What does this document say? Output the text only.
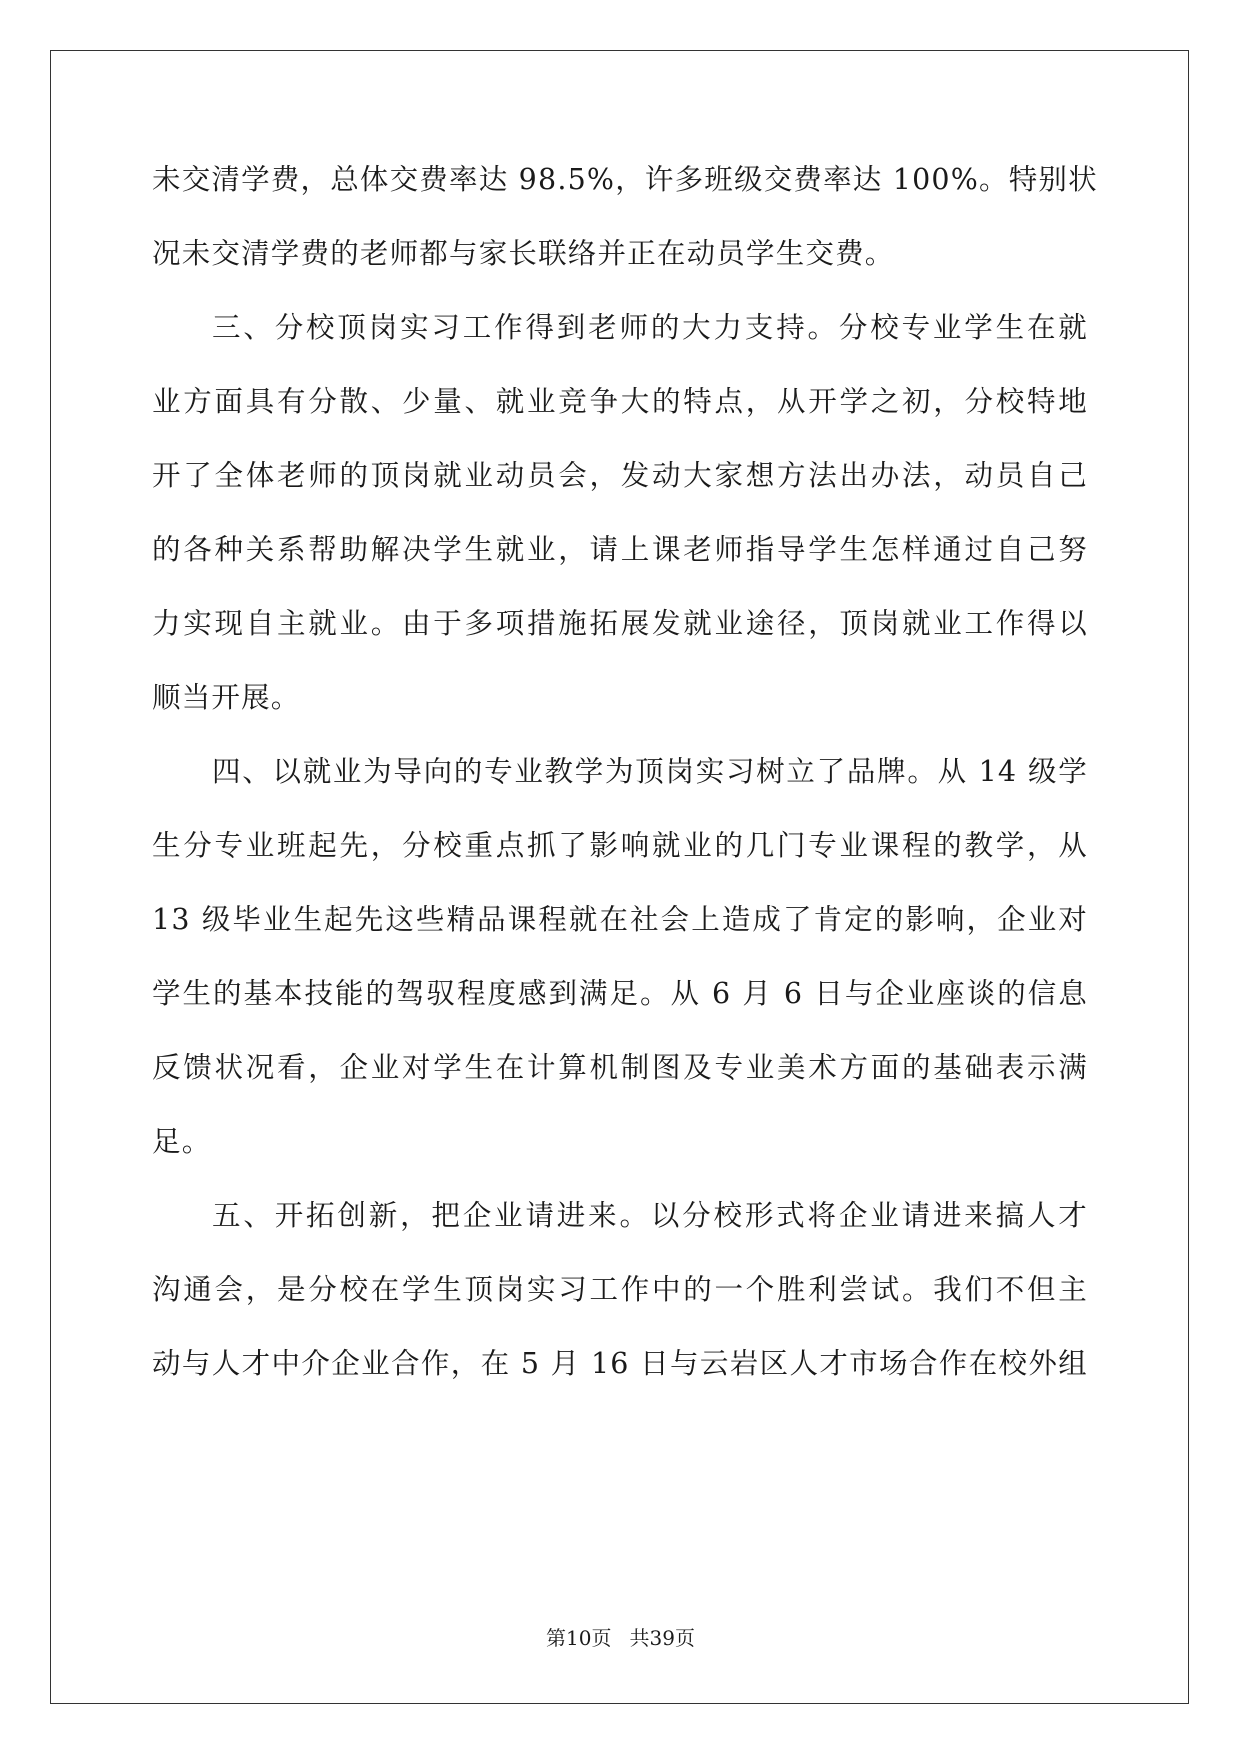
未交清学费，总体交费率达 98.5%，许多班级交费率达 100%。特别状
况未交清学费的老师都与家长联络并正在动员学生交费。
三、分校顶岗实习工作得到老师的大力支持。分校专业学生在就
业方面具有分散、少量、就业竞争大的特点，从开学之初，分校特地
开了全体老师的顶岗就业动员会，发动大家想方法出办法，动员自己
的各种关系帮助解决学生就业，请上课老师指导学生怎样通过自己努
力实现自主就业。由于多项措施拓展发就业途径，顶岗就业工作得以
顺当开展。
四、以就业为导向的专业教学为顶岗实习树立了品牌。从 14 级学
生分专业班起先，分校重点抓了影响就业的几门专业课程的教学，从
13 级毕业生起先这些精品课程就在社会上造成了肯定的影响，企业对
学生的基本技能的驾驭程度感到满足。从 6 月 6 日与企业座谈的信息
反馈状况看，企业对学生在计算机制图及专业美术方面的基础表示满
足。
五、开拓创新，把企业请进来。以分校形式将企业请进来搞人才
沟通会，是分校在学生顶岗实习工作中的一个胜利尝试。我们不但主
动与人才中介企业合作，在 5 月 16 日与云岩区人才市场合作在校外组
第10页 共39页
